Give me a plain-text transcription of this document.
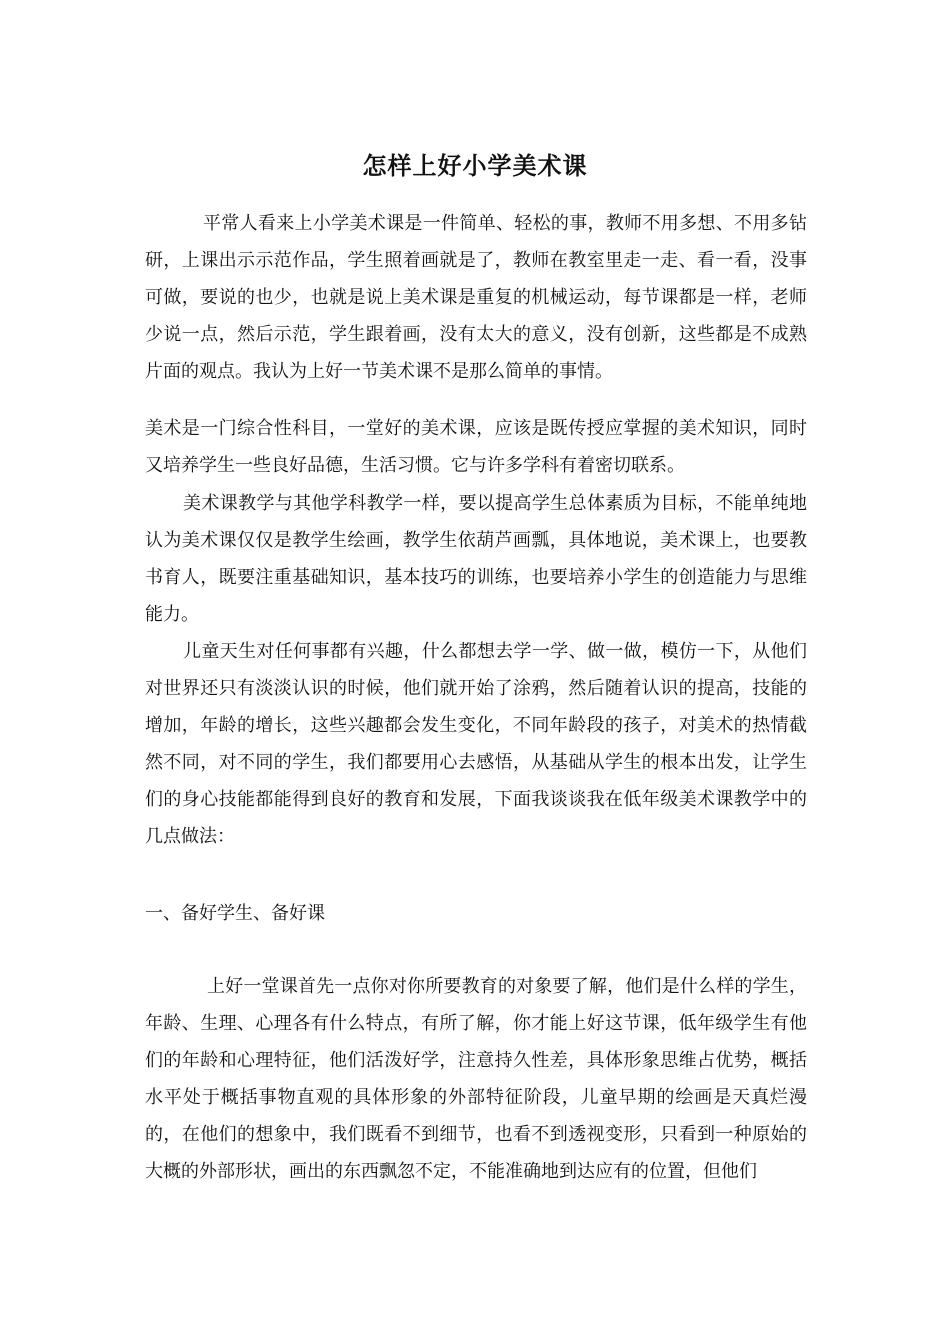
怎样上好小学美术课

平常人看来上小学美术课是一件简单、轻松的事，教师不用多想、不用多钻研，上课出示示范作品，学生照着画就是了，教师在教室里走一走、看一看，没事可做，要说的也少，也就是说上美术课是重复的机械运动，每节课都是一样，老师少说一点，然后示范，学生跟着画，没有太大的意义，没有创新，这些都是不成熟片面的观点。我认为上好一节美术课不是那么简单的事情。

美术是一门综合性科目，一堂好的美术课，应该是既传授应掌握的美术知识，同时又培养学生一些良好品德，生活习惯。它与许多学科有着密切联系。

美术课教学与其他学科教学一样，要以提高学生总体素质为目标，不能单纯地认为美术课仅仅是教学生绘画，教学生依葫芦画瓢，具体地说，美术课上，也要教书育人，既要注重基础知识，基本技巧的训练，也要培养小学生的创造能力与思维能力。

儿童天生对任何事都有兴趣，什么都想去学一学、做一做，模仿一下，从他们对世界还只有淡淡认识的时候，他们就开始了涂鸦，然后随着认识的提高，技能的增加，年龄的增长，这些兴趣都会发生变化，不同年龄段的孩子，对美术的热情截然不同，对不同的学生，我们都要用心去感悟，从基础从学生的根本出发，让学生们的身心技能都能得到良好的教育和发展，下面我谈谈我在低年级美术课教学中的几点做法：

一、备好学生、备好课

上好一堂课首先一点你对你所要教育的对象要了解，他们是什么样的学生，年龄、生理、心理各有什么特点，有所了解，你才能上好这节课，低年级学生有他们的年龄和心理特征，他们活泼好学，注意持久性差，具体形象思维占优势，概括水平处于概括事物直观的具体形象的外部特征阶段，儿童早期的绘画是天真烂漫的，在他们的想象中，我们既看不到细节，也看不到透视变形，只看到一种原始的大概的外部形状，画出的东西飘忽不定，不能准确地到达应有的位置，但他们
